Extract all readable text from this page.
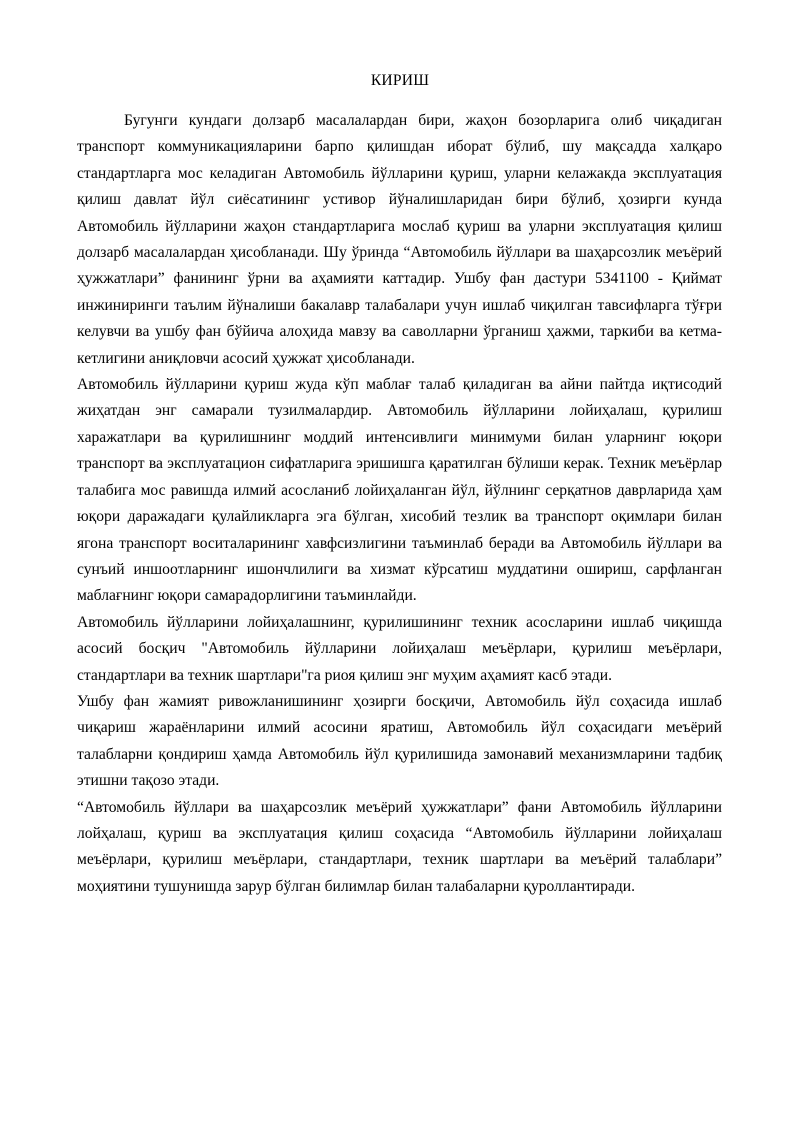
КИРИШ

Бугунги кундаги долзарб масалалардан бири, жаҳон бозорларига олиб чиқадиган транспорт коммуникацияларини барпо қилишдан иборат бўлиб, шу мақсадда халқаро стандартларга мос келадиган Автомобиль йўлларини қуриш, уларни келажакда эксплуатация қилиш давлат йўл сиёсатининг устивор йўналишларидан бири бўлиб, ҳозирги кунда Автомобиль йўлларини жаҳон стандартларига мослаб қуриш ва уларни эксплуатация қилиш долзарб масалалардан ҳисобланади. Шу ўринда “Автомобиль йўллари ва шаҳарсозлик меъёрий ҳужжатлари” фанининг ўрни ва аҳамияти каттадир. Ушбу фан дастури 5341100 - Қиймат инжиниринги таълим йўналиши бакалавр талабалари учун ишлаб чиқилган тавсифларга тўғри келувчи ва ушбу фан бўйича алоҳида мавзу ва саволларни ўрганиш ҳажми, таркиби ва кетма-кетлигини аниқловчи асосий ҳужжат ҳисобланади.

Автомобиль йўлларини қуриш жуда кўп маблағ талаб қиладиган ва айни пайтда иқтисодий жиҳатдан энг самарали тузилмалардир. Автомобиль йўлларини лойиҳалаш, қурилиш харажатлари ва қурилишнинг моддий интенсивлиги минимуми билан уларнинг юқори транспорт ва эксплуатацион сифатларига эришишга қаратилган бўлиши керак. Техник меъёрлар талабига мос равишда илмий асосланиб лойиҳаланган йўл, йўлнинг серқатнов даврларида ҳам юқори даражадаги қулайликларга эга бўлган, хисобий тезлик ва транспорт оқимлари билан ягона транспорт воситаларининг хавфсизлигини таъминлаб беради ва Автомобиль йўллари ва сунъий иншоотларнинг ишончлилиги ва хизмат кўрсатиш муддатини ошириш, сарфланган маблағнинг юқори самарадорлигини таъминлайди.

Автомобиль йўлларини лойиҳалашнинг, қурилишининг техник асосларини ишлаб чиқишда асосий босқич "Автомобиль йўлларини лойиҳалаш меъёрлари, қурилиш меъёрлари, стандартлари ва техник шартлари"га риоя қилиш энг муҳим аҳамият касб этади.

Ушбу фан жамият ривожланишининг ҳозирги босқичи, Автомобиль йўл соҳасида ишлаб чиқариш жараёнларини илмий асосини яратиш, Автомобиль йўл соҳасидаги меъёрий талабларни қондириш ҳамда Автомобиль йўл қурилишида замонавий механизмларини тадбиқ этишни тақозо этади.

“Автомобиль йўллари ва шаҳарсозлик меъёрий ҳужжатлари” фани Автомобиль йўлларини лойҳалаш, қуриш ва эксплуатация қилиш соҳасида “Автомобиль йўлларини лойиҳалаш меъёрлари, қурилиш меъёрлари, стандартлари, техник шартлари ва меъёрий талаблари” моҳиятини тушунишда зарур бўлган билимлар билан талабаларни қуроллантиради.
